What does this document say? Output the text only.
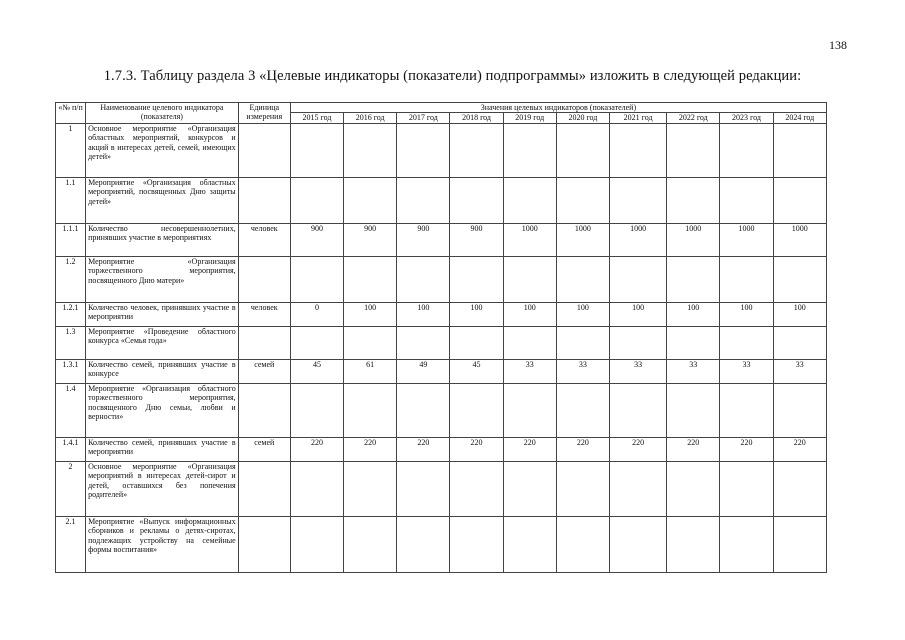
138
1.7.3. Таблицу раздела 3 «Целевые индикаторы (показатели) подпрограммы» изложить в следующей редакции:
«№ п/п	Наименование целевого индикатора (показателя)	Единица измерения	Значения целевых индикаторов (показателей)									
			2015 год	2016 год	2017 год	2018 год	2019 год	2020 год	2021 год	2022 год	2023 год	2024 год
1	Основное мероприятие «Организация областных мероприятий, конкурсов и акций в интересах детей, семей, имеющих детей»											
1.1	Мероприятие «Организация областных мероприятий, посвященных Дню защиты детей»											
1.1.1	Количество несовершеннолетних, принявших участие в мероприятиях	человек	900	900	900	900	1000	1000	1000	1000	1000	1000
1.2	Мероприятие «Организация торжественного мероприятия, посвященного Дню матери»											
1.2.1	Количество человек, принявших участие в мероприятии	человек	0	100	100	100	100	100	100	100	100	100
1.3	Мероприятие «Проведение областного конкурса «Семья года»											
1.3.1	Количество семей, принявших участие в конкурсе	семей	45	61	49	45	33	33	33	33	33	33
1.4	Мероприятие «Организация областного торжественного мероприятия, посвященного Дню семьи, любви и верности»											
1.4.1	Количество семей, принявших участие в мероприятии	семей	220	220	220	220	220	220	220	220	220	220
2	Основное мероприятие «Организация мероприятий в интересах детей-сирот и детей, оставшихся без попечения родителей»											
2.1	Мероприятие «Выпуск информационных сборников и рекламы о детях-сиротах, подлежащих устройству на семейные формы воспитания»											
